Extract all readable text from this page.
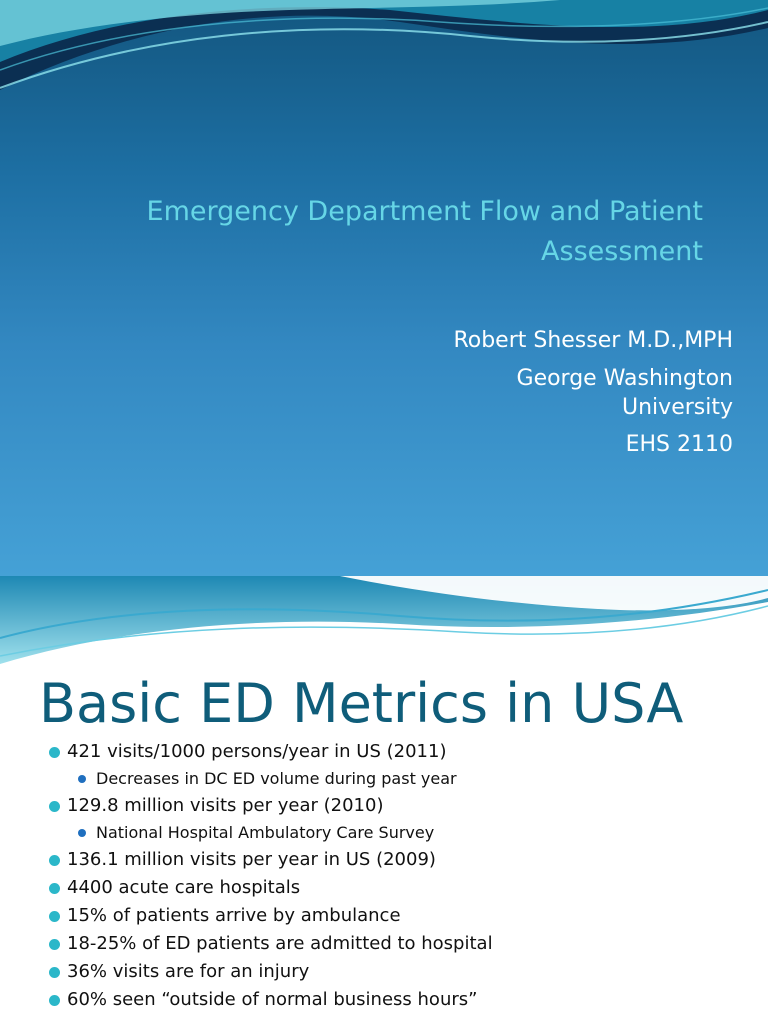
Emergency Department Flow and Patient
Assessment
Robert Shesser M.D.,MPH
George Washington University
EHS 2110
Basic ED Metrics in USA
421 visits/1000 persons/year in US (2011)
Decreases in DC ED volume during past year
129.8 million visits per year (2010)
National Hospital Ambulatory Care Survey
136.1 million visits per year in US (2009)
4400 acute care hospitals
15% of patients arrive by ambulance
18-25% of ED patients are admitted to hospital
36% visits are for an injury
60% seen “outside of normal business hours”
